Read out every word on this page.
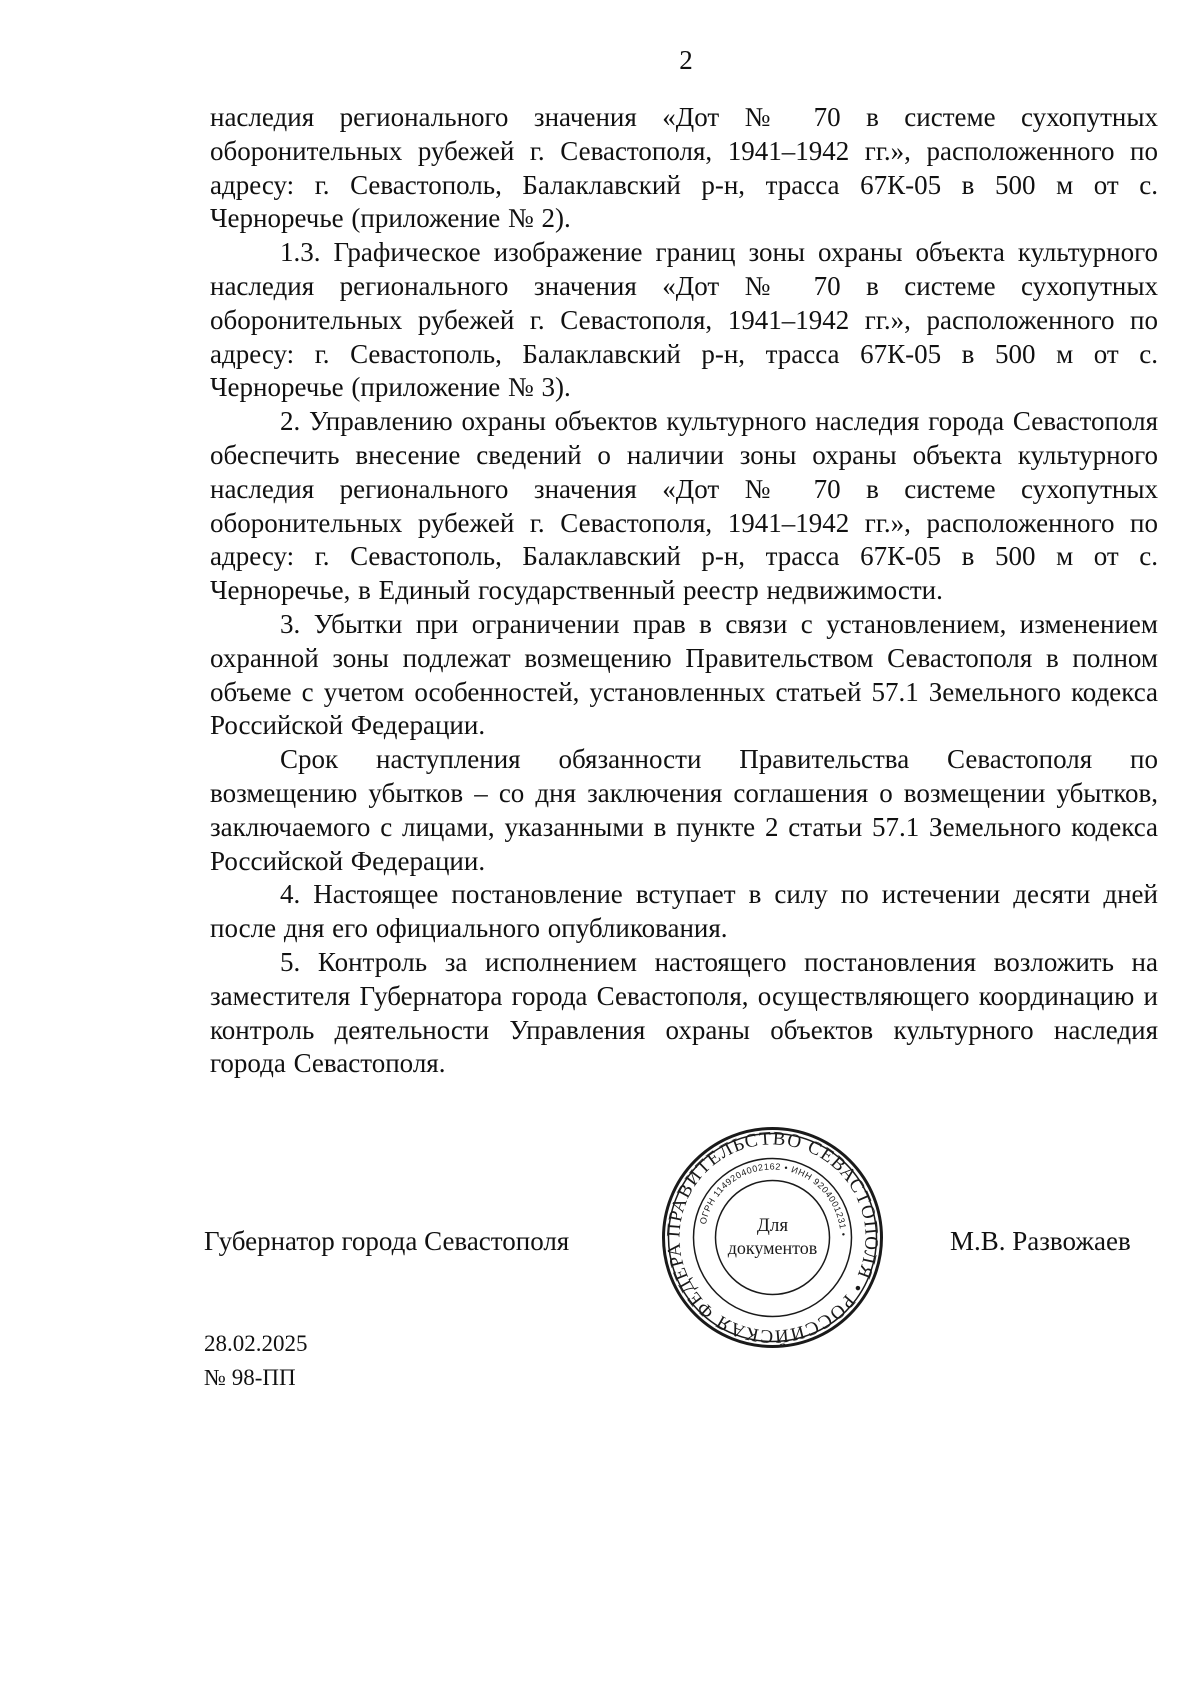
2

наследия регионального значения «Дот № 70 в системе сухопутных оборонительных рубежей г. Севастополя, 1941–1942 гг.», расположенного по адресу: г. Севастополь, Балаклавский р-н, трасса 67К-05 в 500 м от с. Черноречье (приложение № 2).

1.3. Графическое изображение границ зоны охраны объекта культурного наследия регионального значения «Дот № 70 в системе сухопутных оборонительных рубежей г. Севастополя, 1941–1942 гг.», расположенного по адресу: г. Севастополь, Балаклавский р-н, трасса 67К-05 в 500 м от с. Черноречье (приложение № 3).

2. Управлению охраны объектов культурного наследия города Севастополя обеспечить внесение сведений о наличии зоны охраны объекта культурного наследия регионального значения «Дот № 70 в системе сухопутных оборонительных рубежей г. Севастополя, 1941–1942 гг.», расположенного по адресу: г. Севастополь, Балаклавский р-н, трасса 67К-05 в 500 м от с. Черноречье, в Единый государственный реестр недвижимости.

3. Убытки при ограничении прав в связи с установлением, изменением охранной зоны подлежат возмещению Правительством Севастополя в полном объеме с учетом особенностей, установленных статьей 57.1 Земельного кодекса Российской Федерации.

Срок наступления обязанности Правительства Севастополя по возмещению убытков – со дня заключения соглашения о возмещении убытков, заключаемого с лицами, указанными в пункте 2 статьи 57.1 Земельного кодекса Российской Федерации.

4. Настоящее постановление вступает в силу по истечении десяти дней после дня его официального опубликования.

5. Контроль за исполнением настоящего постановления возложить на заместителя Губернатора города Севастополя, осуществляющего координацию и контроль деятельности Управления охраны объектов культурного наследия города Севастополя.

Губернатор города Севастополя	М.В. Развожаев
ПРАВИТЕЛЬСТВО СЕВАСТОПОЛЯ • РОССИЙСКАЯ ФЕДЕРА
ОГРН 1149204002162 • ИНН 9204001231 •
Для
документов
28.02.2025
№ 98-ПП
